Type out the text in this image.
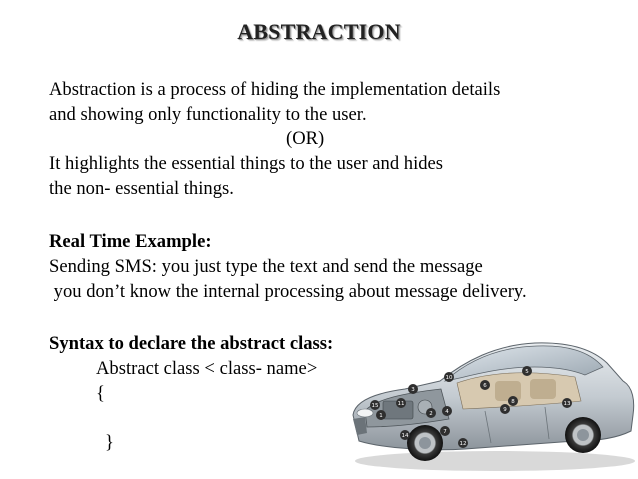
ABSTRACTION
Abstraction is a process of hiding the implementation details
and showing only functionality to the user.
(OR)
It highlights the essential things to the user and hides
the non- essential things.
Real Time Example:
Sending SMS: you just type the text and send the message
you don’t know the internal processing about message delivery.
Syntax to declare the abstract class:
Abstract class < class- name>
{
}
10
6
5
8
3
15	11
1	2 4	9
13
12
7
14
